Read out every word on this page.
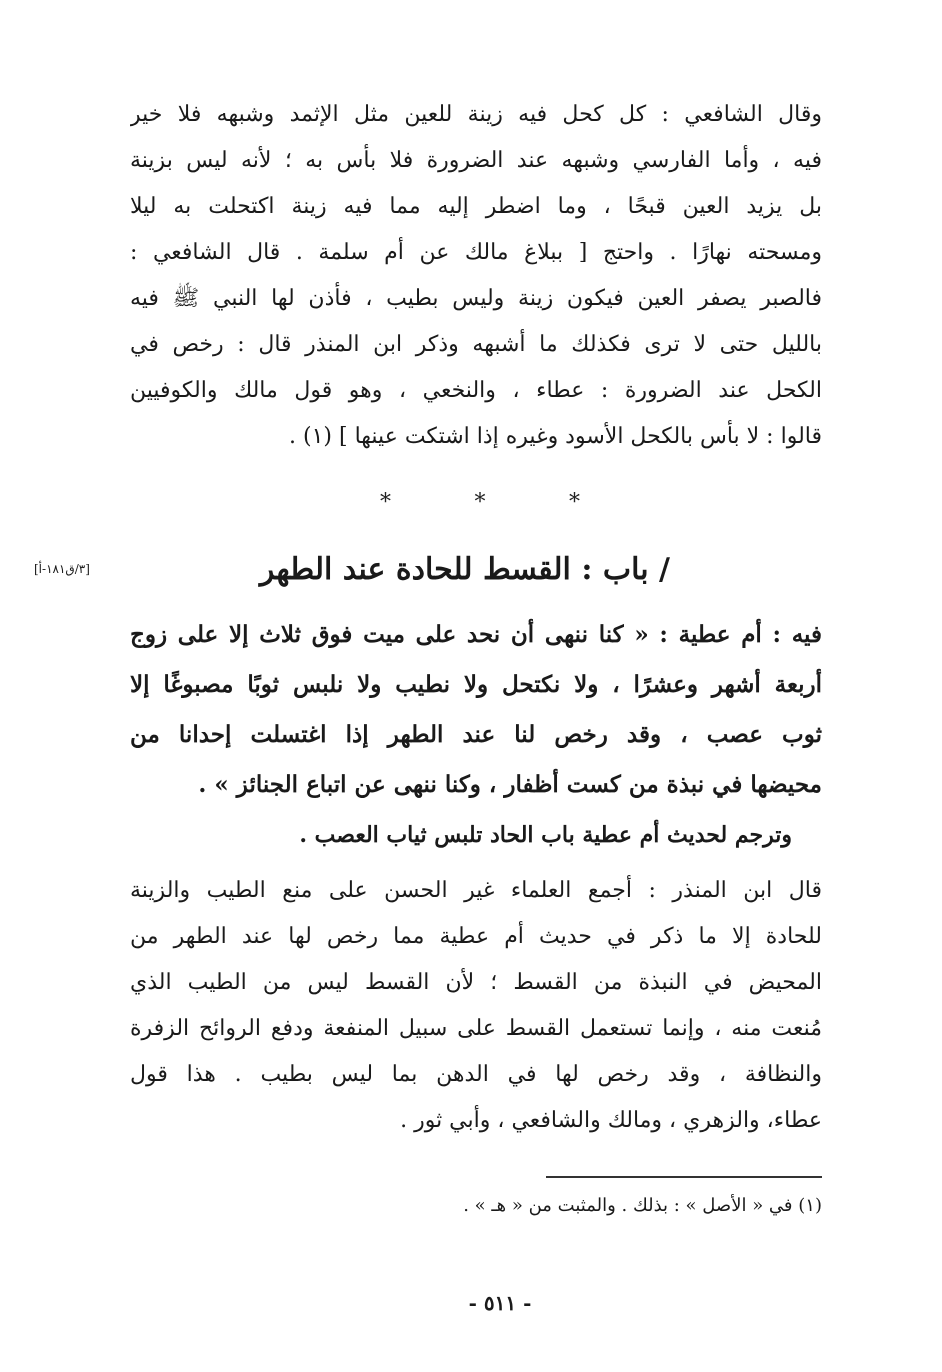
وقال الشافعي : كل كحل فيه زينة للعين مثل الإثمد وشبهه فلا خير
فيه ، وأما الفارسي وشبهه عند الضرورة فلا بأس به ؛ لأنه ليس بزينة
بل يزيد العين قبحًا ، وما اضطر إليه مما فيه زينة اكتحلت به ليلا
ومسحته نهارًا . واحتج [ ببلاغ مالك عن أم سلمة . قال الشافعي :
فالصبر يصفر العين فيكون زينة وليس بطيب ، فأذن لها النبي ﷺ فيه
بالليل حتى لا ترى فكذلك ما أشبهه وذكر ابن المنذر قال : رخص في
الكحل عند الضرورة : عطاء ، والنخعي ، وهو قول مالك والكوفيين
قالوا : لا بأس بالكحل الأسود وغيره إذا اشتكت عينها ] (١) .
*	*	*
/ باب : القسط للحادة عند الطهر
[٣/ق١٨١-أ]
فيه : أم عطية : « كنا ننهى أن نحد على ميت فوق ثلاث إلا على زوج
أربعة أشهر وعشرًا ، ولا نكتحل ولا نطيب ولا نلبس ثوبًا مصبوغًا إلا
ثوب عصب ، وقد رخص لنا عند الطهر إذا اغتسلت إحدانا من
محيضها في نبذة من كست أظفار ، وكنا ننهى عن اتباع الجنائز » .
وترجم لحديث أم عطية باب الحاد تلبس ثياب العصب .
قال ابن المنذر : أجمع العلماء غير الحسن على منع الطيب والزينة
للحادة إلا ما ذكر في حديث أم عطية مما رخص لها عند الطهر من
المحيض في النبذة من القسط ؛ لأن القسط ليس من الطيب الذي
مُنعت منه ، وإنما تستعمل القسط على سبيل المنفعة ودفع الروائح الزفرة
والنظافة ، وقد رخص لها في الدهن بما ليس بطيب . هذا قول
عطاء، والزهري ، ومالك والشافعي ، وأبي ثور .
(١) في « الأصل » : بذلك . والمثبت من « هـ » .
- ٥١١ -
